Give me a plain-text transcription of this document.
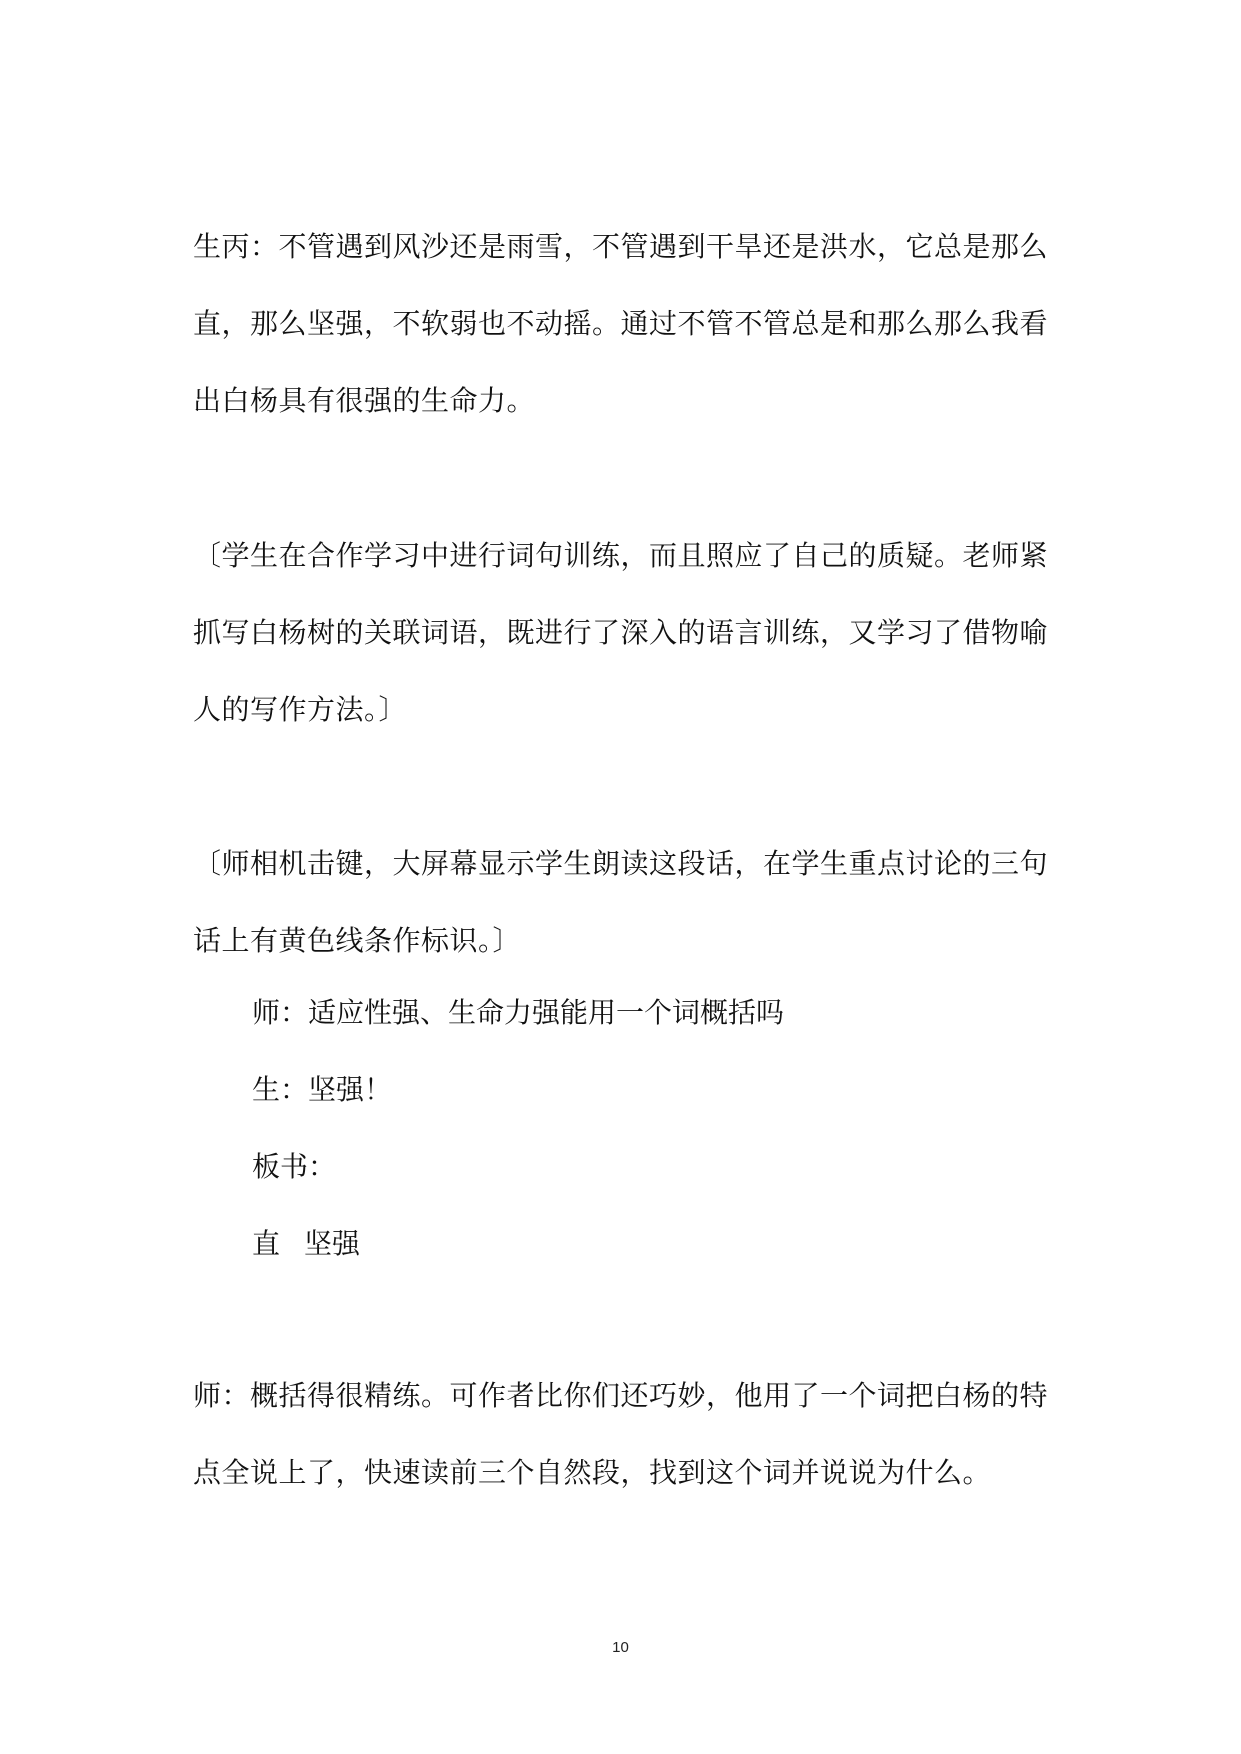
生丙：不管遇到风沙还是雨雪，不管遇到干旱还是洪水，它总是那么直，那么坚强，不软弱也不动摇。通过不管不管总是和那么那么我看出白杨具有很强的生命力。

〔学生在合作学习中进行词句训练，而且照应了自己的质疑。老师紧抓写白杨树的关联词语，既进行了深入的语言训练，又学习了借物喻人的写作方法。〕

〔师相机击键，大屏幕显示学生朗读这段话，在学生重点讨论的三句话上有黄色线条作标识。〕

师：适应性强、生命力强能用一个词概括吗

生：坚强！

板书：

直 坚强

师：概括得很精练。可作者比你们还巧妙，他用了一个词把白杨的特点全说上了，快速读前三个自然段，找到这个词并说说为什么。

10
